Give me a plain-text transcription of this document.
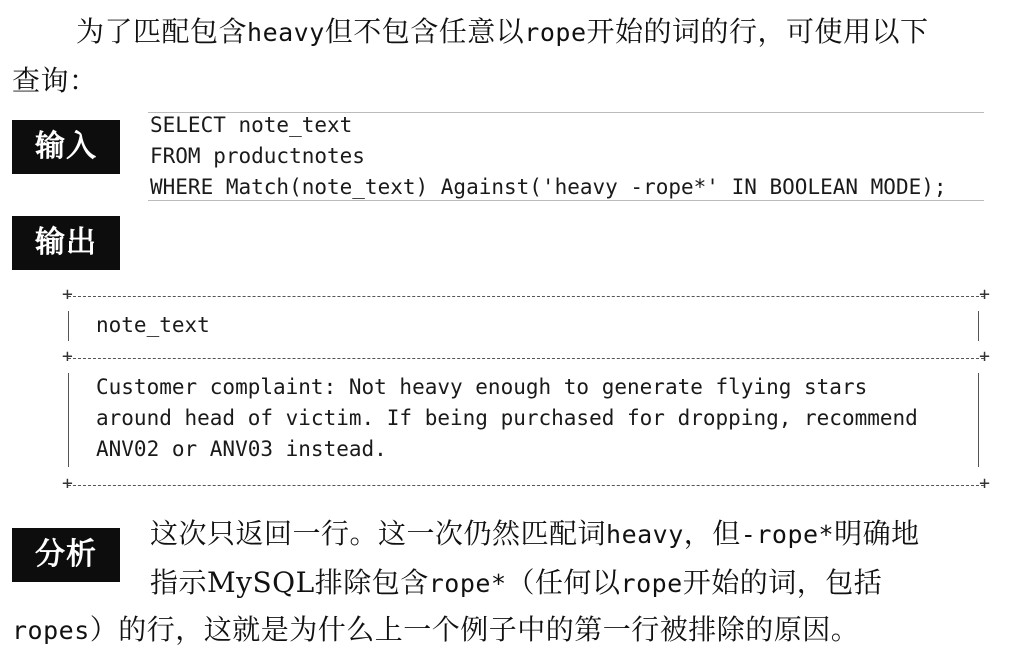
为了匹配包含heavy但不包含任意以rope开始的词的行，可使用以下
查询：
输入
SELECT note_text
FROM productnotes
WHERE Match(note_text) Against('heavy -rope*' IN BOOLEAN MODE);
输出
+ +
note_text
+ +
Customer complaint: Not heavy enough to generate flying stars
around head of victim. If being purchased for dropping, recommend
ANV02 or ANV03 instead.
+ +
分析
这次只返回一行。这一次仍然匹配词heavy，但-rope*明确地
指示MySQL排除包含rope*（任何以rope开始的词，包括
ropes）的行，这就是为什么上一个例子中的第一行被排除的原因。
